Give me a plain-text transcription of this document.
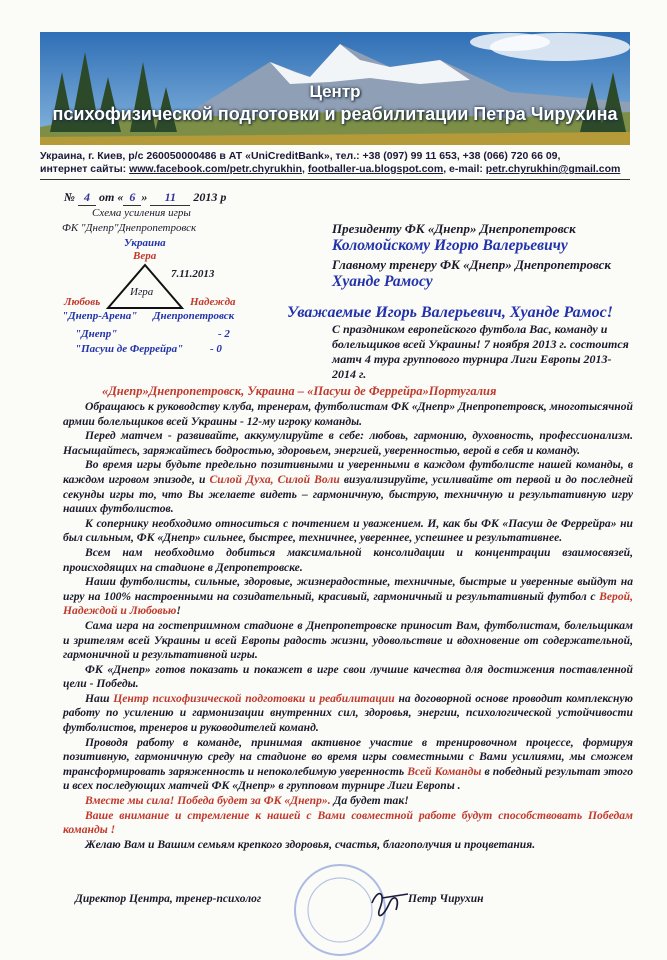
Центр
психофизической подготовки и реабилитации Петра Чирухина
Украина, г. Киев, р/с 260050000486 в АТ «UniCreditBank», тел.: +38 (097) 99 11 653, +38 (066) 720 66 09,
интернет сайты: www.facebook.com/petr.chyrukhin, footballer-ua.blogspot.com, e-mail: petr.chyrukhin@gmail.com
№ 4 от « 6 » 11 2013 р
Схема усиления игры
ФК "Днепр"Днепропетровск
Украина
Вера
7.11.2013
Игра
Любовь
"Днепр-Арена"
Надежда
Днепропетровск
"Днепр"	- 2
"Пасуш де Феррейра" - 0
Президенту ФК «Днепр» Днепропетровск
Коломойскому Игорю Валерьевичу
Главному тренеру ФК «Днепр» Днепропетровск
Хуанде Рамосу
Уважаемые Игорь Валерьевич, Хуанде Рамос!
С праздником европейского футбола Вас, команду и болельщиков всей Украины! 7 ноября 2013 г. состоится матч 4 тура группового турнира Лиги Европы 2013- 2014 г.
«Днепр»Днепропетровск, Украина – «Пасуш де Феррейра»Португалия

Обращаюсь к руководству клуба, тренерам, футболистам ФК «Днепр» Днепропетровск, многотысячной армии болельщиков всей Украины - 12-му игроку команды.

Перед матчем - развивайте, аккумулируйте в себе: любовь, гармонию, духовность, профессионализм. Насыщайтесь, заряжайтесь бодростью, здоровьем, энергией, уверенностью, верой в себя и команду.

Во время игры будьте предельно позитивными и уверенными в каждом футболисте нашей команды, в каждом игровом эпизоде, и Силой Духа, Силой Воли визуализируйте, усиливайте от первой и до последней секунды игры то, что Вы желаете видеть – гармоничную, быструю, техничную и результативную игру наших футболистов.

К сопернику необходимо относиться с почтением и уважением. И, как бы ФК «Пасуш де Феррейра» ни был сильным, ФК «Днепр» сильнее, быстрее, техничнее, увереннее, успешнее и результативнее.

Всем нам необходимо добиться максимальной консолидации и концентрации взаимосвязей, происходящих на стадионе в Депропетровске.

Наши футболисты, сильные, здоровые, жизнерадостные, техничные, быстрые и уверенные выйдут на игру на 100% настроенными на созидательный, красивый, гармоничный и результативный футбол с Верой, Надеждой и Любовью!

Сама игра на гостеприимном стадионе в Днепропетровске приносит Вам, футболистам, болельщикам и зрителям всей Украины и всей Европы радость жизни, удовольствие и вдохновение от содержательной, гармоничной и результативной игры.

ФК «Днепр» готов показать и покажет в игре свои лучшие качества для достижения поставленной цели - Победы.

Наш Центр психофизической подготовки и реабилитации на договорной основе проводит комплексную работу по усилению и гармонизации внутренних сил, здоровья, энергии, психологической устойчивости футболистов, тренеров и руководителей команд.

Проводя работу в команде, принимая активное участие в тренировочном процессе, формируя позитивную, гармоничную среду на стадионе во время игры совместными с Вами усилиями, мы сможем трансформировать заряженность и непоколебимую уверенность Всей Команды в победный результат этого и всех последующих матчей ФК «Днепр» в групповом турнире Лиги Европы .

Вместе мы сила! Победа будет за ФК «Днепр». Да будет так!

Ваше внимание и стремление к нашей с Вами совместной работе будут способствовать Победам команды !

Желаю Вам и Вашим семьям крепкого здоровья, счастья, благополучия и процветания.

Директор Центра, тренер-психолог	Петр Чирухин
